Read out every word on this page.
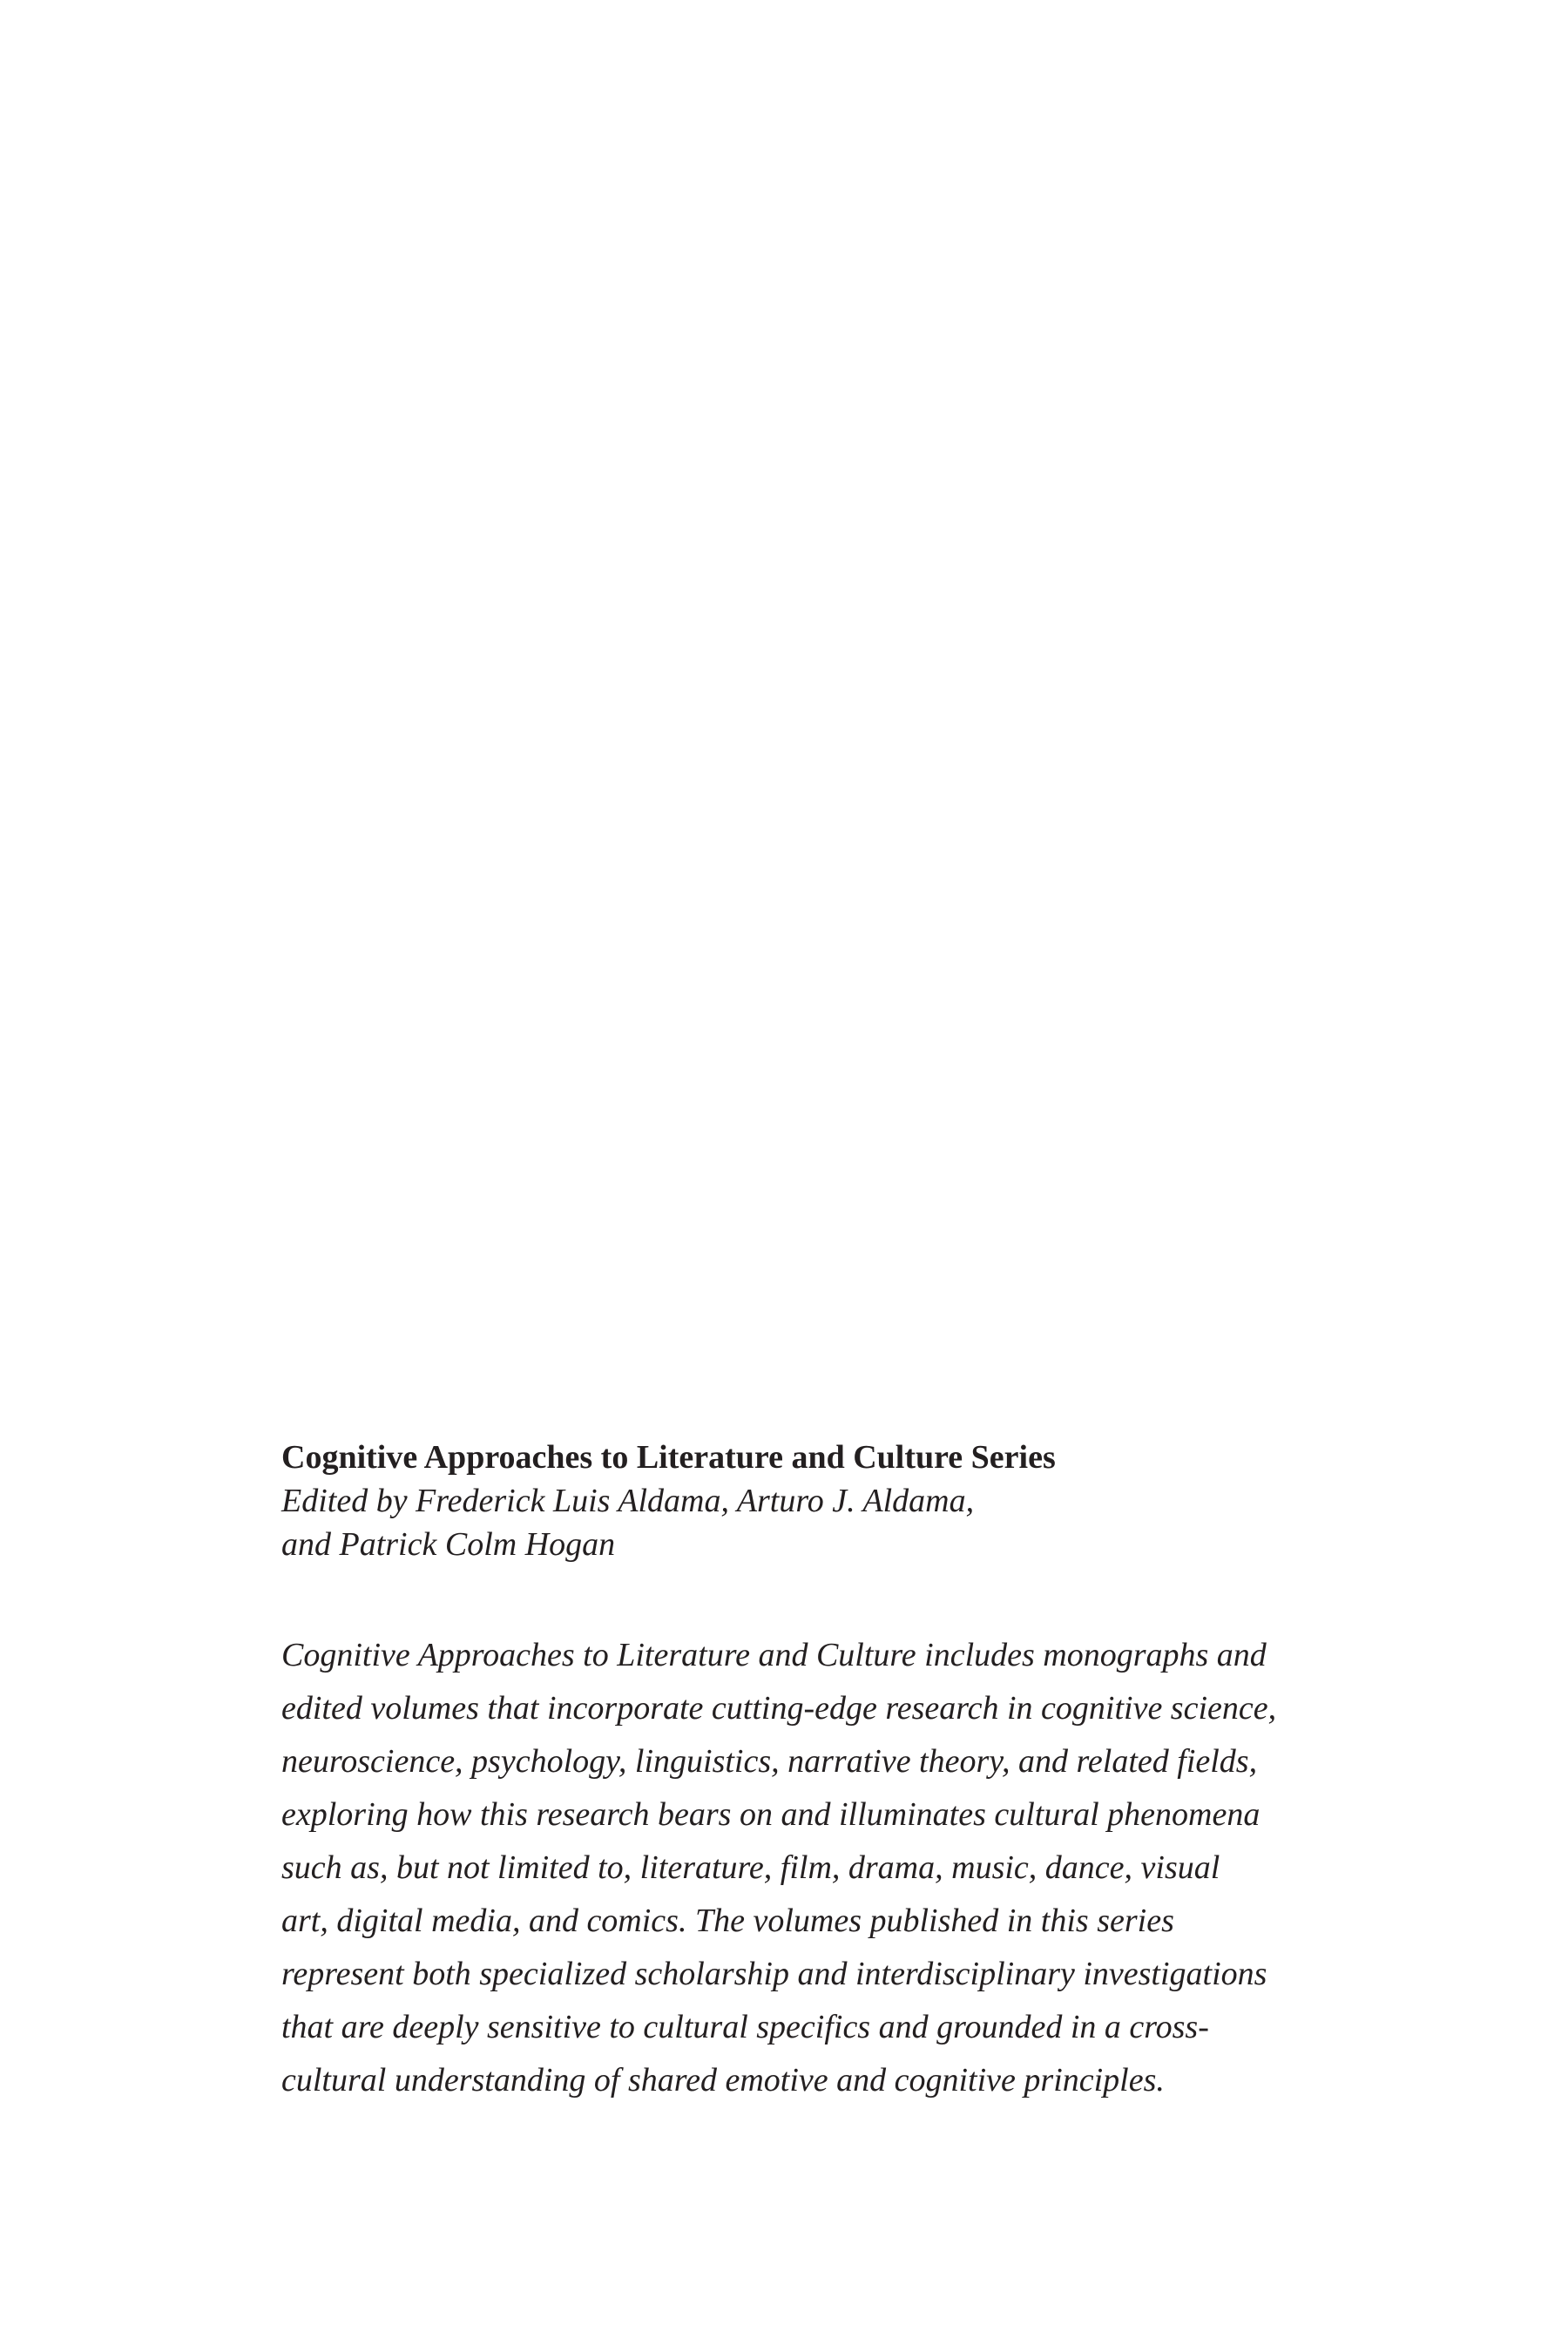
Cognitive Approaches to Literature and Culture Series

Edited by Frederick Luis Aldama, Arturo J. Aldama,
and Patrick Colm Hogan

Cognitive Approaches to Literature and Culture includes monographs and
edited volumes that incorporate cutting-edge research in cognitive science,
neuroscience, psychology, linguistics, narrative theory, and related fields,
exploring how this research bears on and illuminates cultural phenomena
such as, but not limited to, literature, film, drama, music, dance, visual
art, digital media, and comics. The volumes published in this series
represent both specialized scholarship and interdisciplinary investigations
that are deeply sensitive to cultural specifics and grounded in a cross-
cultural understanding of shared emotive and cognitive principles.
